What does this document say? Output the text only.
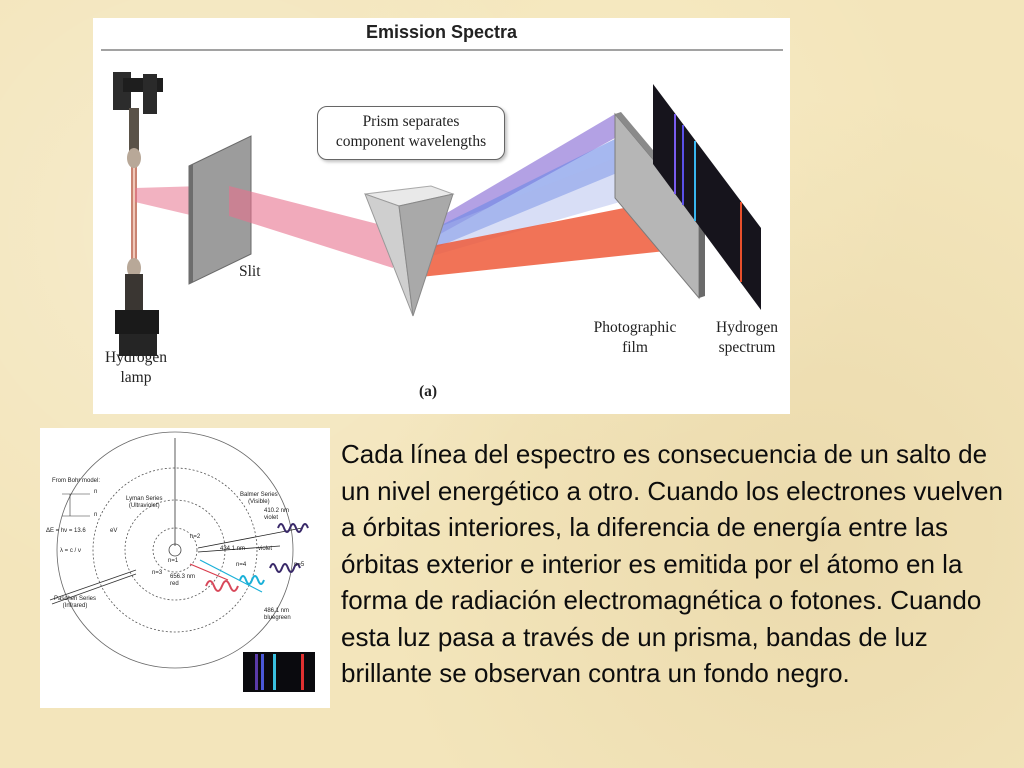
Emission Spectra
Prism separates
component wavelengths
Slit
Hydrogen
lamp
Photographic
film
Hydrogen
spectrum
(a)
From Bohr model:
n
n
ΔE = hν = 13.6	eV
λ = c / ν
Lyman Series
(Ultraviolet)
Balmer Series
(Visible)
Paschen Series
(Infrared)
410.2 nm
violet
434.1 nm violet
656.3 nm
red
486.1 nm
bluegreen
n=2
n=3
n=4	n=5
n=1

Cada línea del espectro es consecuencia de un salto de un nivel energético a otro. Cuando los electrones vuelven a órbitas interiores, la diferencia de energía entre las órbitas exterior e interior es emitida por el átomo en la forma de radiación electromagnética o fotones. Cuando esta luz pasa a través de un prisma, bandas de luz brillante se observan contra un fondo negro.
